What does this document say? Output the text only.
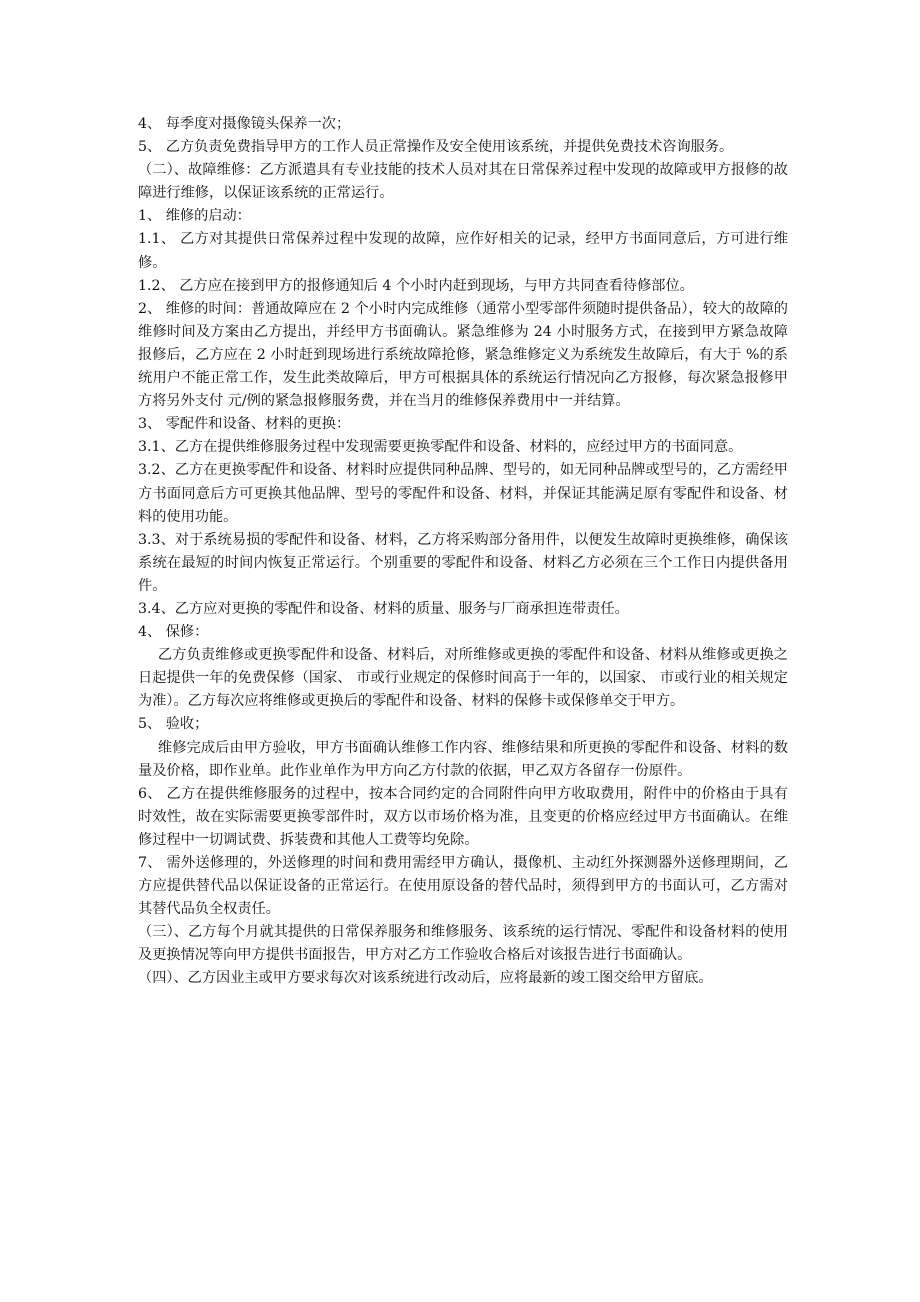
4、 每季度对摄像镜头保养一次；

5、 乙方负责免费指导甲方的工作人员正常操作及安全使用该系统，并提供免费技术咨询服务。

（二）、故障维修：乙方派遣具有专业技能的技术人员对其在日常保养过程中发现的故障或甲方报修的故障进行维修，以保证该系统的正常运行。

1、 维修的启动：

1.1、 乙方对其提供日常保养过程中发现的故障，应作好相关的记录，经甲方书面同意后，方可进行维修。

1.2、 乙方应在接到甲方的报修通知后 4 个小时内赶到现场，与甲方共同查看待修部位。

2、 维修的时间：普通故障应在 2 个小时内完成维修（通常小型零部件须随时提供备品），较大的故障的维修时间及方案由乙方提出，并经甲方书面确认。紧急维修为 24 小时服务方式，在接到甲方紧急故障报修后，乙方应在 2 小时赶到现场进行系统故障抢修，紧急维修定义为系统发生故障后，有大于 %的系统用户不能正常工作，发生此类故障后，甲方可根据具体的系统运行情况向乙方报修，每次紧急报修甲方将另外支付 元/例的紧急报修服务费，并在当月的维修保养费用中一并结算。

3、 零配件和设备、材料的更换：

3.1、乙方在提供维修服务过程中发现需要更换零配件和设备、材料的，应经过甲方的书面同意。

3.2、乙方在更换零配件和设备、材料时应提供同种品牌、型号的，如无同种品牌或型号的，乙方需经甲方书面同意后方可更换其他品牌、型号的零配件和设备、材料，并保证其能满足原有零配件和设备、材料的使用功能。

3.3、对于系统易损的零配件和设备、材料，乙方将采购部分备用件，以便发生故障时更换维修，确保该系统在最短的时间内恢复正常运行。个别重要的零配件和设备、材料乙方必须在三个工作日内提供备用件。

3.4、乙方应对更换的零配件和设备、材料的质量、服务与厂商承担连带责任。

4、 保修：

乙方负责维修或更换零配件和设备、材料后，对所维修或更换的零配件和设备、材料从维修或更换之日起提供一年的免费保修（国家、 市或行业规定的保修时间高于一年的，以国家、 市或行业的相关规定为准）。乙方每次应将维修或更换后的零配件和设备、材料的保修卡或保修单交于甲方。

5、 验收；

维修完成后由甲方验收，甲方书面确认维修工作内容、维修结果和所更换的零配件和设备、材料的数量及价格，即作业单。此作业单作为甲方向乙方付款的依据，甲乙双方各留存一份原件。

6、 乙方在提供维修服务的过程中，按本合同约定的合同附件向甲方收取费用，附件中的价格由于具有时效性，故在实际需要更换零部件时，双方以市场价格为准，且变更的价格应经过甲方书面确认。在维修过程中一切调试费、拆装费和其他人工费等均免除。

7、 需外送修理的，外送修理的时间和费用需经甲方确认，摄像机、主动红外探测器外送修理期间，乙方应提供替代品以保证设备的正常运行。在使用原设备的替代品时，须得到甲方的书面认可，乙方需对其替代品负全权责任。

（三）、乙方每个月就其提供的日常保养服务和维修服务、该系统的运行情况、零配件和设备材料的使用及更换情况等向甲方提供书面报告，甲方对乙方工作验收合格后对该报告进行书面确认。

（四）、乙方因业主或甲方要求每次对该系统进行改动后，应将最新的竣工图交给甲方留底。
